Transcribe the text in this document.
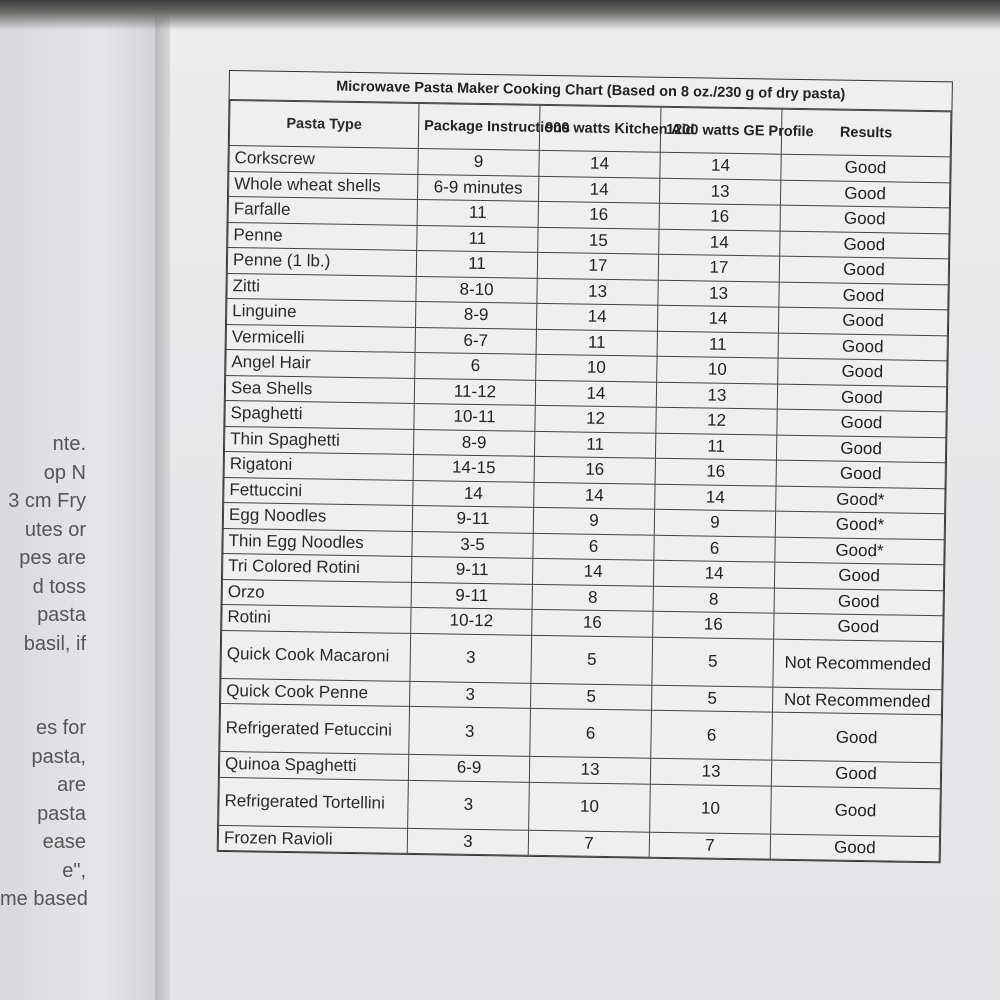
nte.
op N
3 cm Fry
utes or
pes are
d toss
pasta
basil, if
es for
pasta,
are
pasta
ease
e",
me based
Microwave Pasta Maker Cooking Chart (Based on 8 oz./230 g of dry pasta)
Pasta Type	Package Instructions	900 watts Kitchen Aid	1200 watts GE Profile	Results
Corkscrew	9	14	14	Good
Whole wheat shells	6-9 minutes	14	13	Good
Farfalle	11	16	16	Good
Penne	11	15	14	Good
Penne (1 lb.)	11	17	17	Good
Zitti	8-10	13	13	Good
Linguine	8-9	14	14	Good
Vermicelli	6-7	11	11	Good
Angel Hair	6	10	10	Good
Sea Shells	11-12	14	13	Good
Spaghetti	10-11	12	12	Good
Thin Spaghetti	8-9	11	11	Good
Rigatoni	14-15	16	16	Good
Fettuccini	14	14	14	Good*
Egg Noodles	9-11	9	9	Good*
Thin Egg Noodles	3-5	6	6	Good*
Tri Colored Rotini	9-11	14	14	Good
Orzo	9-11	8	8	Good
Rotini	10-12	16	16	Good
Quick Cook Macaroni	3	5	5	Not Recommended
Quick Cook Penne	3	5	5	Not Recommended
Refrigerated Fetuccini	3	6	6	Good
Quinoa Spaghetti	6-9	13	13	Good
Refrigerated Tortellini	3	10	10	Good
Frozen Ravioli	3	7	7	Good
